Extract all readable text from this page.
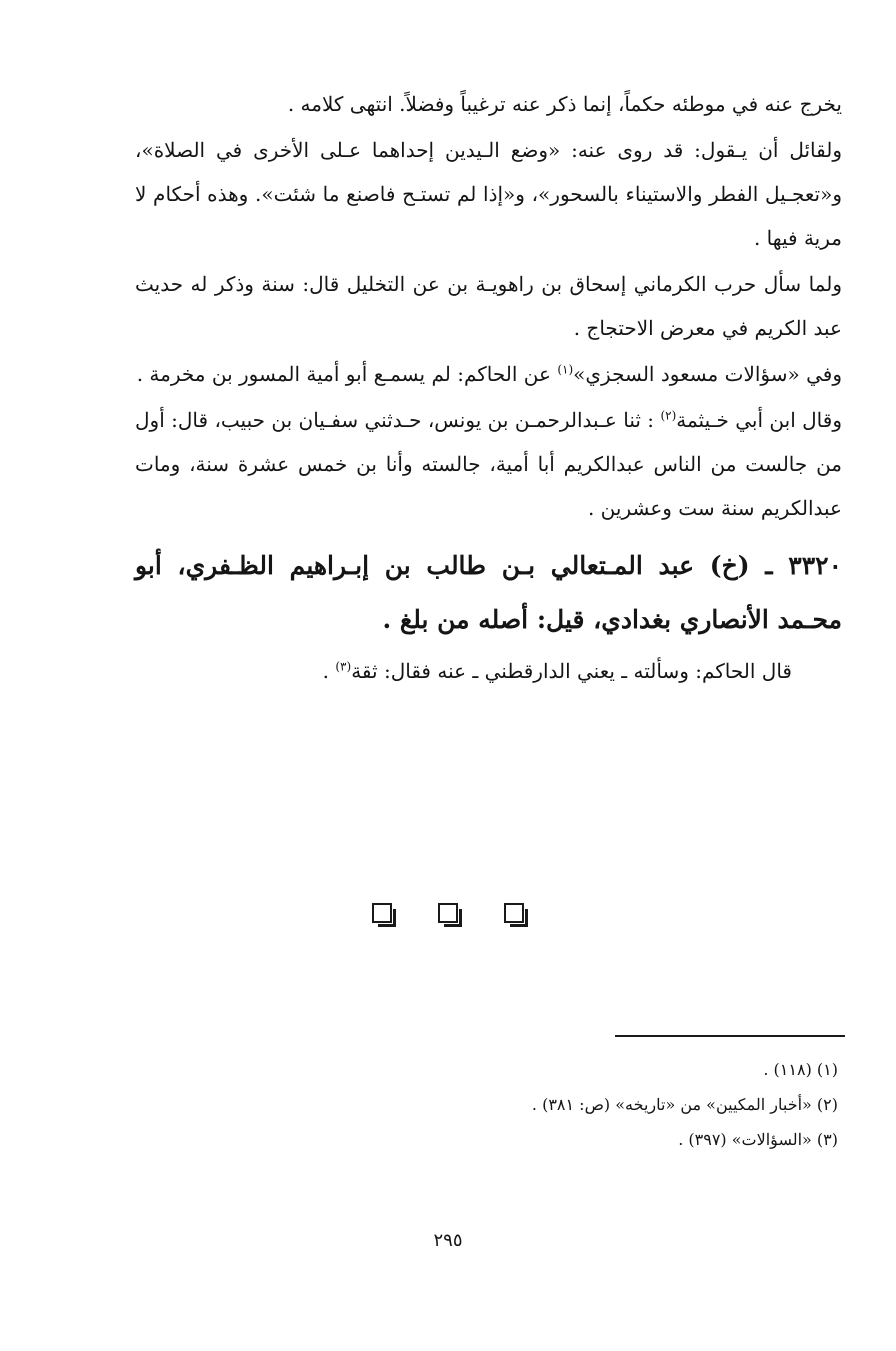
يخرج عنه في موطئه حكماً، إنما ذكر عنه ترغيباً وفضلاً. انتهى كلامه .

ولقائل أن يـقول: قد روى عنه: «وضع الـيدين إحداهما عـلى الأخرى في الصلاة»، و«تعجـيل الفطر والاستيناء بالسحور»، و«إذا لم تستـح فاصنع ما شئت». وهذه أحكام لا مرية فيها .

ولما سأل حرب الكرماني إسحاق بن راهويـة بن عن التخليل قال: سنة وذكر له حديث عبد الكريم في معرض الاحتجاج .

وفي «سؤالات مسعود السجزي»$^{(١)}$ عن الحاكم: لم يسمـع أبو أمية المسور بن مخرمة .

وقال ابن أبي خـيثمة$^{(٢)}$ : ثنا عـبدالرحمـن بن يونس، حـدثني سفـيان بن حبيب، قال: أول من جالست من الناس عبدالكريم أبا أمية، جالسته وأنا بن خمس عشرة سنة، ومات عبدالكريم سنة ست وعشرين .

٣٣٢٠ ـ (خ) عبد المـتعالي بـن طالب بن إبـراهيم الظـفري، أبو محـمد الأنصاري بغدادي، قيل: أصله من بلغ .

قال الحاكم: وسألته ـ يعني الدارقطني ـ عنه فقال: ثقة$^{(٣)}$ .

(١) (١١٨) .

(٢) «أخبار المكيين» من «تاريخه» (ص: ٣٨١) .

(٣) «السؤالات» (٣٩٧) .

٢٩٥
